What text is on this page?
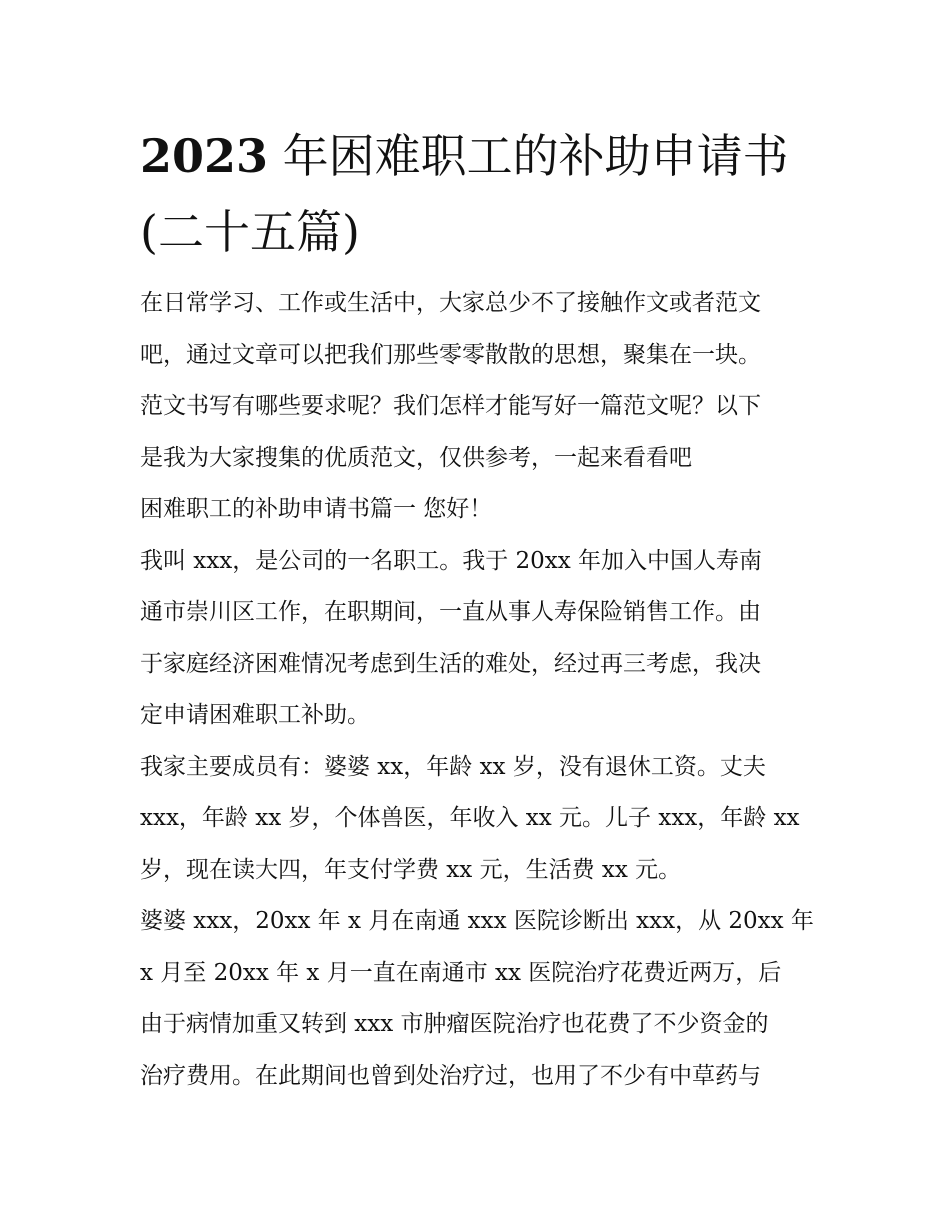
2023 年困难职工的补助申请书
(二十五篇)
在日常学习、工作或生活中，大家总少不了接触作文或者范文
吧，通过文章可以把我们那些零零散散的思想，聚集在一块。
范文书写有哪些要求呢？我们怎样才能写好一篇范文呢？以下
是我为大家搜集的优质范文，仅供参考，一起来看看吧
困难职工的补助申请书篇一 您好！
我叫 xxx，是公司的一名职工。我于 20xx 年加入中国人寿南
通市崇川区工作，在职期间，一直从事人寿保险销售工作。由
于家庭经济困难情况考虑到生活的难处，经过再三考虑，我决
定申请困难职工补助。
我家主要成员有：婆婆 xx，年龄 xx 岁，没有退休工资。丈夫
xxx，年龄 xx 岁，个体兽医，年收入 xx 元。儿子 xxx，年龄 xx
岁，现在读大四，年支付学费 xx 元，生活费 xx 元。
婆婆 xxx，20xx 年 x 月在南通 xxx 医院诊断出 xxx，从 20xx 年
x 月至 20xx 年 x 月一直在南通市 xx 医院治疗花费近两万，后
由于病情加重又转到 xxx 市肿瘤医院治疗也花费了不少资金的
治疗费用。在此期间也曾到处治疗过，也用了不少有中草药与
